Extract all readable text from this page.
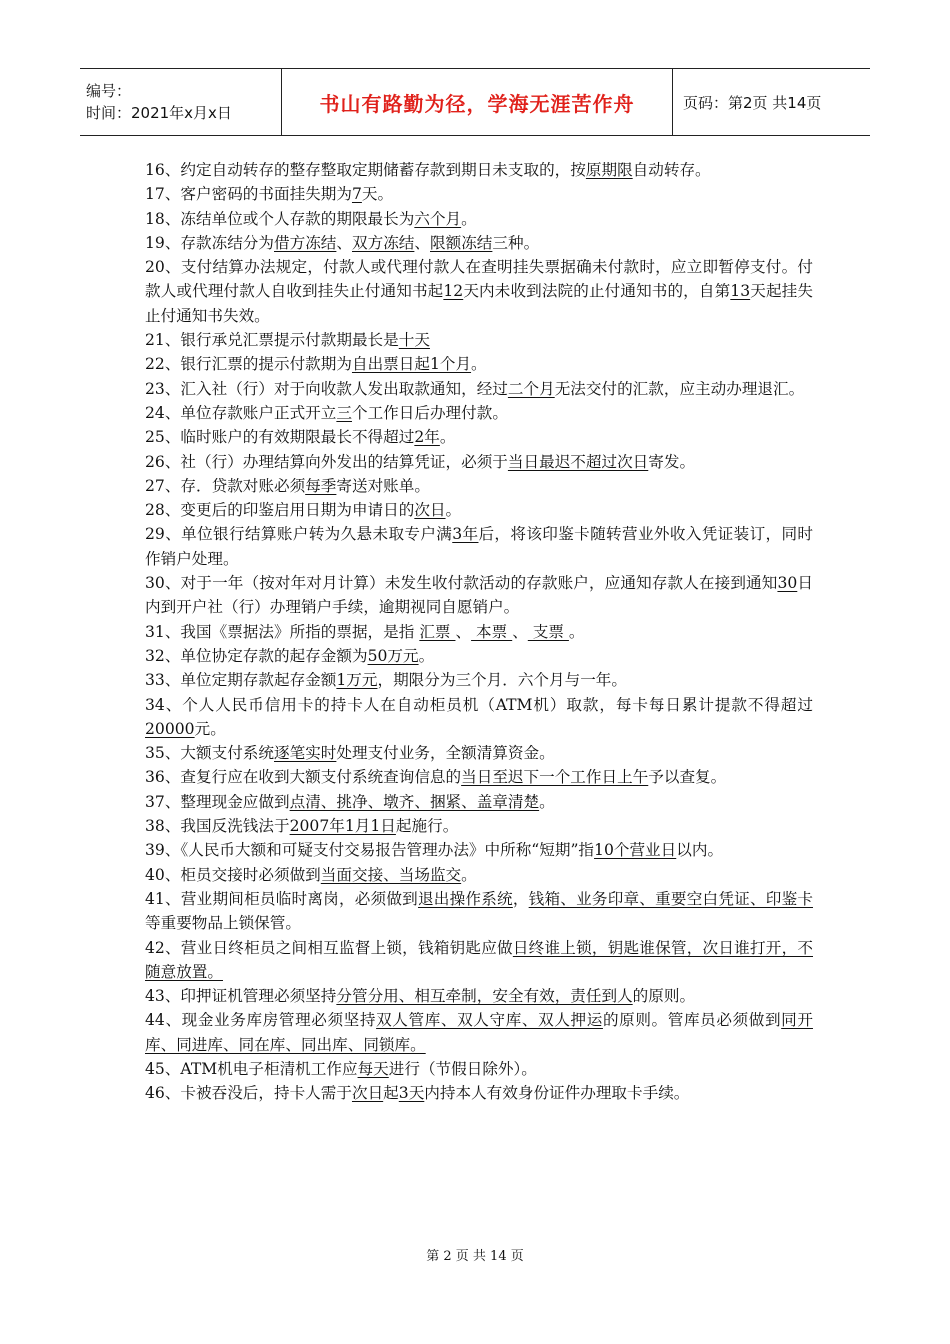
编号：
时间：2021年x月x日	书山有路勤为径，学海无涯苦作舟	页码：第2页 共14页

16、约定自动转存的整存整取定期储蓄存款到期日未支取的，按原期限自动转存。

17、客户密码的书面挂失期为7天。

18、冻结单位或个人存款的期限最长为六个月。

19、存款冻结分为借方冻结、双方冻结、限额冻结三种。

20、支付结算办法规定，付款人或代理付款人在查明挂失票据确未付款时，应立即暂停支付。付款人或代理付款人自收到挂失止付通知书起12天内未收到法院的止付通知书的，自第13天起挂失止付通知书失效。

21、银行承兑汇票提示付款期最长是十天

22、银行汇票的提示付款期为自出票日起1个月。

23、汇入社（行）对于向收款人发出取款通知，经过二个月无法交付的汇款，应主动办理退汇。

24、单位存款账户正式开立三个工作日后办理付款。

25、临时账户的有效期限最长不得超过2年。

26、社（行）办理结算向外发出的结算凭证，必须于当日最迟不超过次日寄发。

27、存．贷款对账必须每季寄送对账单。

28、变更后的印鉴启用日期为申请日的次日。

29、单位银行结算账户转为久悬未取专户满3年后，将该印鉴卡随转营业外收入凭证装订，同时作销户处理。

30、对于一年（按对年对月计算）未发生收付款活动的存款账户，应通知存款人在接到通知30日内到开户社（行）办理销户手续，逾期视同自愿销户。

31、我国《票据法》所指的票据，是指 汇票 、 本票 、 支票 。

32、单位协定存款的起存金额为50万元。

33、单位定期存款起存金额1万元，期限分为三个月．六个月与一年。

34、个人人民币信用卡的持卡人在自动柜员机（ATM机）取款，每卡每日累计提款不得超过20000元。

35、大额支付系统逐笔实时处理支付业务，全额清算资金。

36、查复行应在收到大额支付系统查询信息的当日至迟下一个工作日上午予以查复。

37、整理现金应做到点清、挑净、墩齐、捆紧、盖章清楚。

38、我国反洗钱法于2007年1月1日起施行。

39、《人民币大额和可疑支付交易报告管理办法》中所称“短期”指10个营业日以内。

40、柜员交接时必须做到当面交接、当场监交。

41、营业期间柜员临时离岗，必须做到退出操作系统，钱箱、业务印章、重要空白凭证、印鉴卡等重要物品上锁保管。

42、营业日终柜员之间相互监督上锁，钱箱钥匙应做日终谁上锁，钥匙谁保管，次日谁打开，不随意放置。

43、印押证机管理必须坚持分管分用、相互牵制，安全有效，责任到人的原则。

44、现金业务库房管理必须坚持双人管库、双人守库、双人押运的原则。管库员必须做到同开库、同进库、同在库、同出库、同锁库。

45、ATM机电子柜清机工作应每天进行（节假日除外）。

46、卡被吞没后，持卡人需于次日起3天内持本人有效身份证件办理取卡手续。

第 2 页 共 14 页
